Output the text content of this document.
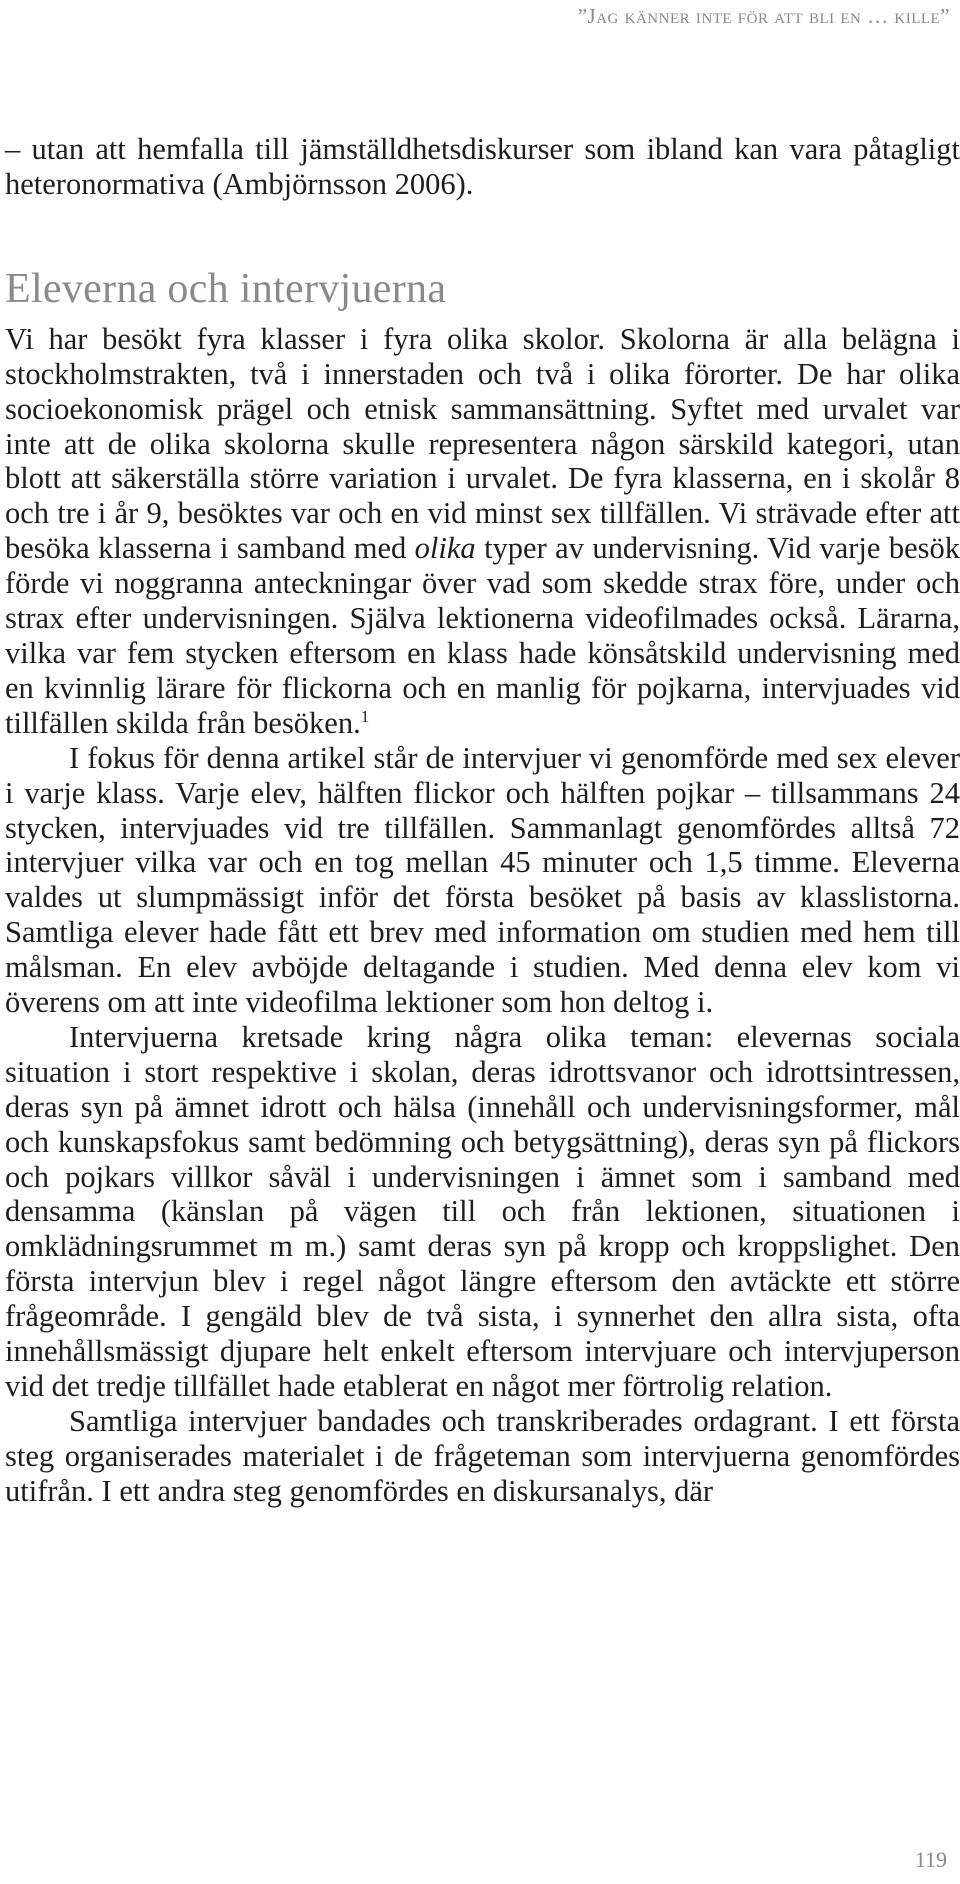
”Jag känner inte för att bli en … kille”

– utan att hemfalla till jämställdhetsdiskurser som ibland kan vara påtagligt heteronormativa (Ambjörnsson 2006).

Eleverna och intervjuerna

Vi har besökt fyra klasser i fyra olika skolor. Skolorna är alla belägna i stockholmstrakten, två i innerstaden och två i olika förorter. De har olika socioekonomisk prägel och etnisk sammansättning. Syftet med urvalet var inte att de olika skolorna skulle representera någon särskild kategori, utan blott att säkerställa större variation i urvalet. De fyra klasserna, en i skolår 8 och tre i år 9, besöktes var och en vid minst sex tillfällen. Vi strävade efter att besöka klasserna i samband med olika typer av undervisning. Vid varje besök förde vi noggranna anteckningar över vad som skedde strax före, under och strax efter undervisningen. Själva lektionerna videofilmades också. Lärarna, vilka var fem stycken eftersom en klass hade könsåtskild undervisning med en kvinnlig lärare för flickorna och en manlig för pojkarna, intervjuades vid tillfällen skilda från besöken.$^1$

I fokus för denna artikel står de intervjuer vi genomförde med sex elever i varje klass. Varje elev, hälften flickor och hälften pojkar – tillsammans 24 stycken, intervjuades vid tre tillfällen. Sammanlagt genomfördes alltså 72 intervjuer vilka var och en tog mellan 45 minuter och 1,5 timme. Eleverna valdes ut slumpmässigt inför det första besöket på basis av klasslistorna. Samtliga elever hade fått ett brev med information om studien med hem till målsman. En elev avböjde deltagande i studien. Med denna elev kom vi överens om att inte videofilma lektioner som hon deltog i.

Intervjuerna kretsade kring några olika teman: elevernas sociala situation i stort respektive i skolan, deras idrottsvanor och idrottsintressen, deras syn på ämnet idrott och hälsa (innehåll och undervisningsformer, mål och kunskapsfokus samt bedömning och betygsättning), deras syn på flickors och pojkars villkor såväl i undervisningen i ämnet som i samband med densamma (känslan på vägen till och från lektionen, situationen i omklädningsrummet m m.) samt deras syn på kropp och kroppslighet. Den första intervjun blev i regel något längre eftersom den avtäckte ett större frågeområde. I gengäld blev de två sista, i synnerhet den allra sista, ofta innehållsmässigt djupare helt enkelt eftersom intervjuare och intervjuperson vid det tredje tillfället hade etablerat en något mer förtrolig relation.

Samtliga intervjuer bandades och transkriberades ordagrant. I ett första steg organiserades materialet i de frågeteman som intervjuerna genomfördes utifrån. I ett andra steg genomfördes en diskursanalys, där

119
